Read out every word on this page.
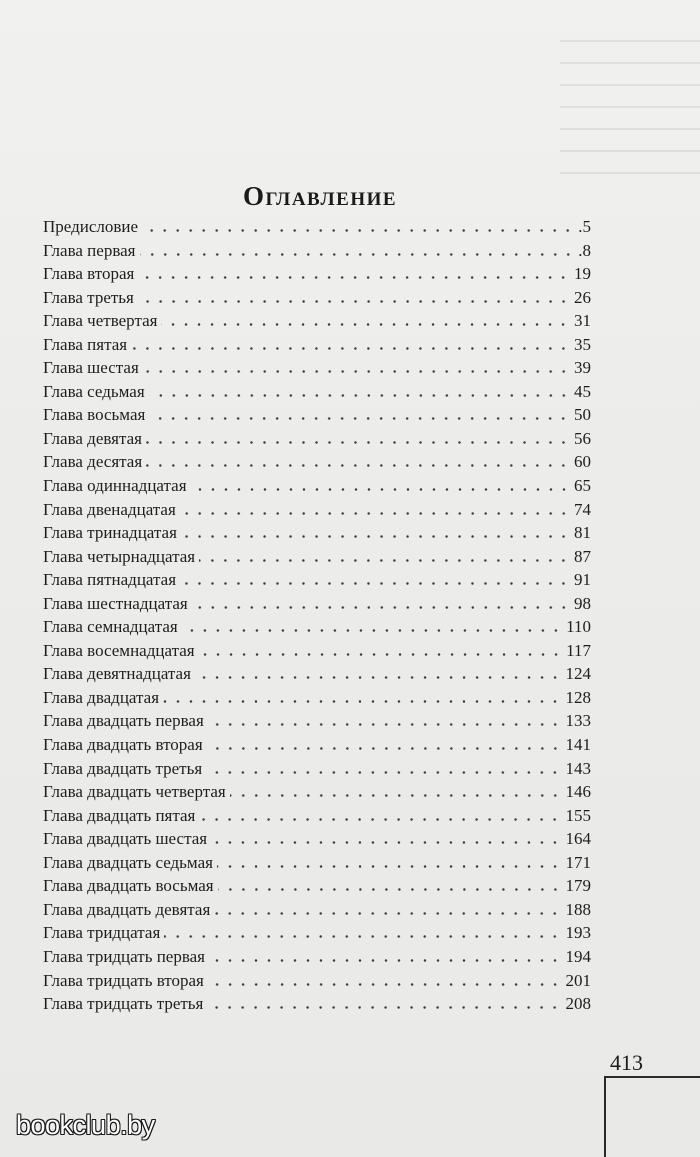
Оглавление
Предисловие	.5
Глава первая	.8
Глава вторая	19
Глава третья	26
Глава четвертая	31
Глава пятая	35
Глава шестая	39
Глава седьмая	45
Глава восьмая	50
Глава девятая	56
Глава десятая	60
Глава одиннадцатая	65
Глава двенадцатая	74
Глава тринадцатая	81
Глава четырнадцатая	87
Глава пятнадцатая	91
Глава шестнадцатая	98
Глава семнадцатая	110
Глава восемнадцатая	117
Глава девятнадцатая	124
Глава двадцатая	128
Глава двадцать первая	133
Глава двадцать вторая	141
Глава двадцать третья	143
Глава двадцать четвертая	146
Глава двадцать пятая	155
Глава двадцать шестая	164
Глава двадцать седьмая	171
Глава двадцать восьмая	179
Глава двадцать девятая	188
Глава тридцатая	193
Глава тридцать первая	194
Глава тридцать вторая	201
Глава тридцать третья	208
413
bookclub.by
